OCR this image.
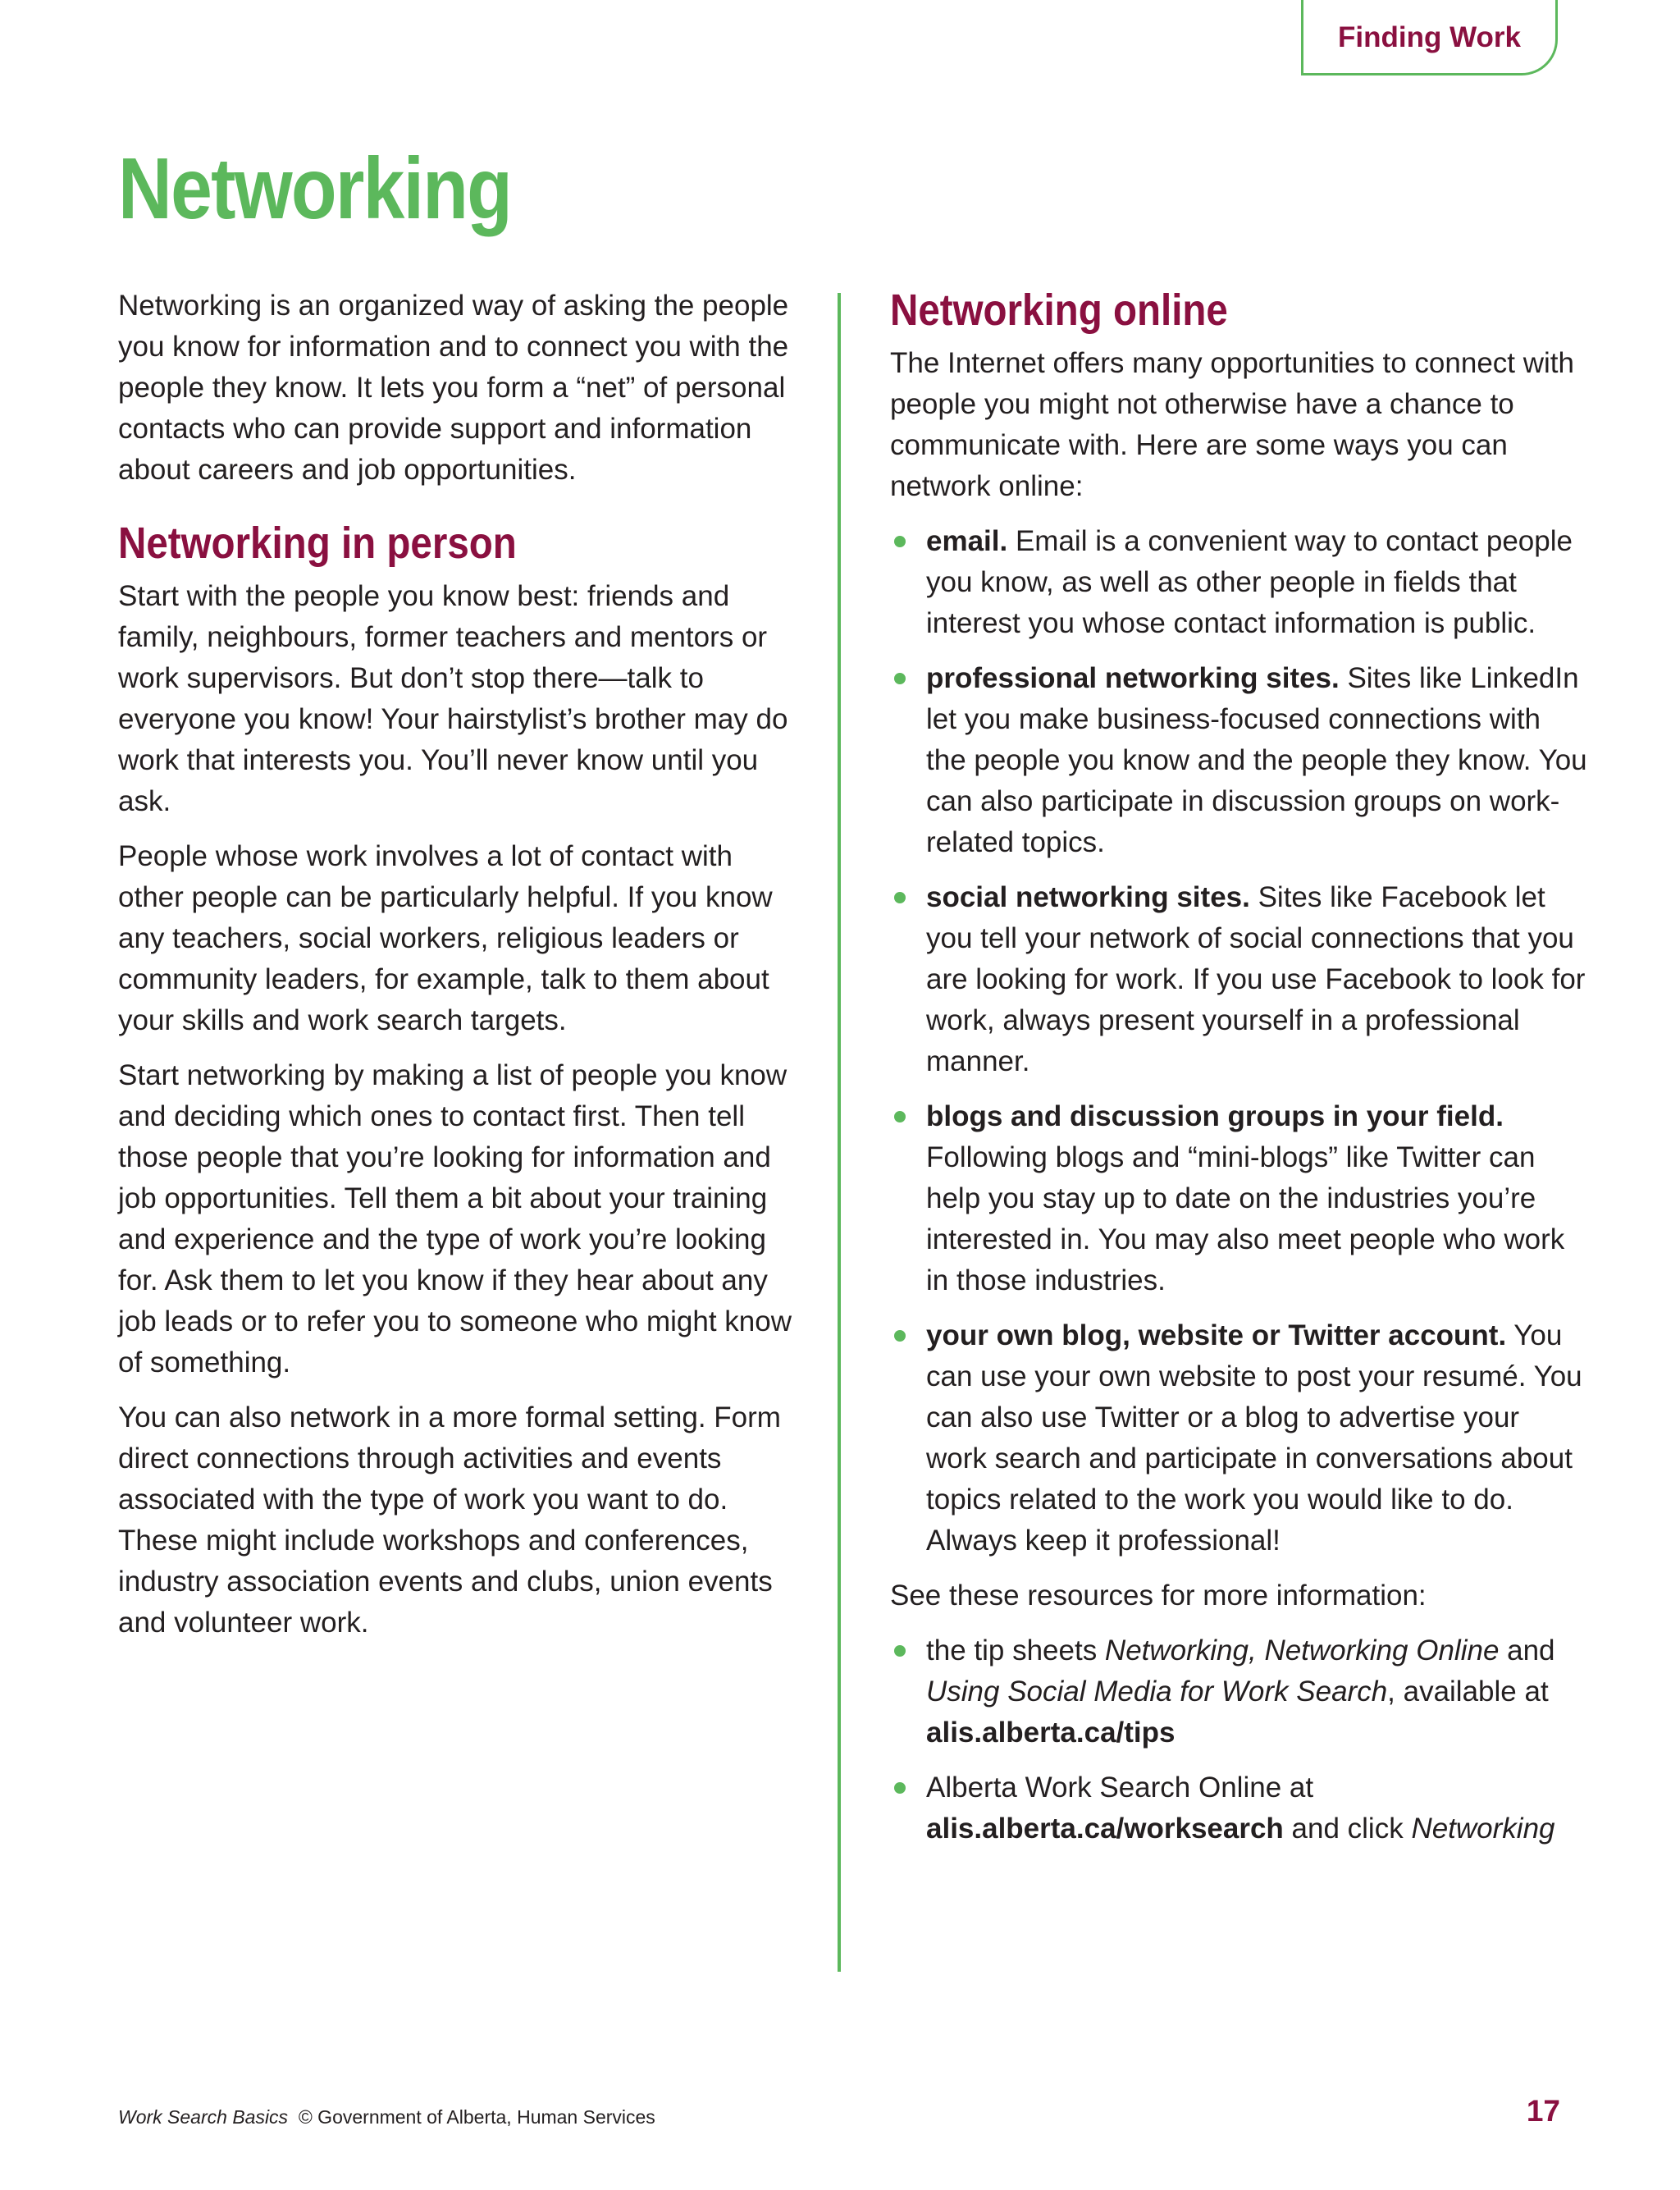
Finding Work
Networking

Networking is an organized way of asking the people you know for information and to connect you with the people they know. It lets you form a “net” of personal contacts who can provide support and information about careers and job opportunities.

Networking in person

Start with the people you know best: friends and family, neighbours, former teachers and mentors or work supervisors. But don’t stop there—talk to everyone you know! Your hairstylist’s brother may do work that interests you. You’ll never know until you ask.

People whose work involves a lot of contact with other people can be particularly helpful. If you know any teachers, social workers, religious leaders or community leaders, for example, talk to them about your skills and work search targets.

Start networking by making a list of people you know and deciding which ones to contact first. Then tell those people that you’re looking for information and job opportunities. Tell them a bit about your training and experience and the type of work you’re looking for. Ask them to let you know if they hear about any job leads or to refer you to someone who might know of something.

You can also network in a more formal setting. Form direct connections through activities and events associated with the type of work you want to do. These might include workshops and conferences, industry association events and clubs, union events and volunteer work.

Networking online

The Internet offers many opportunities to connect with people you might not otherwise have a chance to communicate with. Here are some ways you can network online:

email. Email is a convenient way to contact people you know, as well as other people in fields that interest you whose contact information is public.
professional networking sites. Sites like LinkedIn let you make business-focused connections with the people you know and the people they know. You can also participate in discussion groups on work-related topics.
social networking sites. Sites like Facebook let you tell your network of social connections that you are looking for work. If you use Facebook to look for work, always present yourself in a professional manner.
blogs and discussion groups in your field. Following blogs and “mini-blogs” like Twitter can help you stay up to date on the industries you’re interested in. You may also meet people who work in those industries.
your own blog, website or Twitter account. You can use your own website to post your resumé. You can also use Twitter or a blog to advertise your work search and participate in conversations about topics related to the work you would like to do. Always keep it professional!

See these resources for more information:

the tip sheets Networking, Networking Online and Using Social Media for Work Search, available at alis.alberta.ca/tips
Alberta Work Search Online at alis.alberta.ca/worksearch and click Networking
Work Search Basics © Government of Alberta, Human Services	17
